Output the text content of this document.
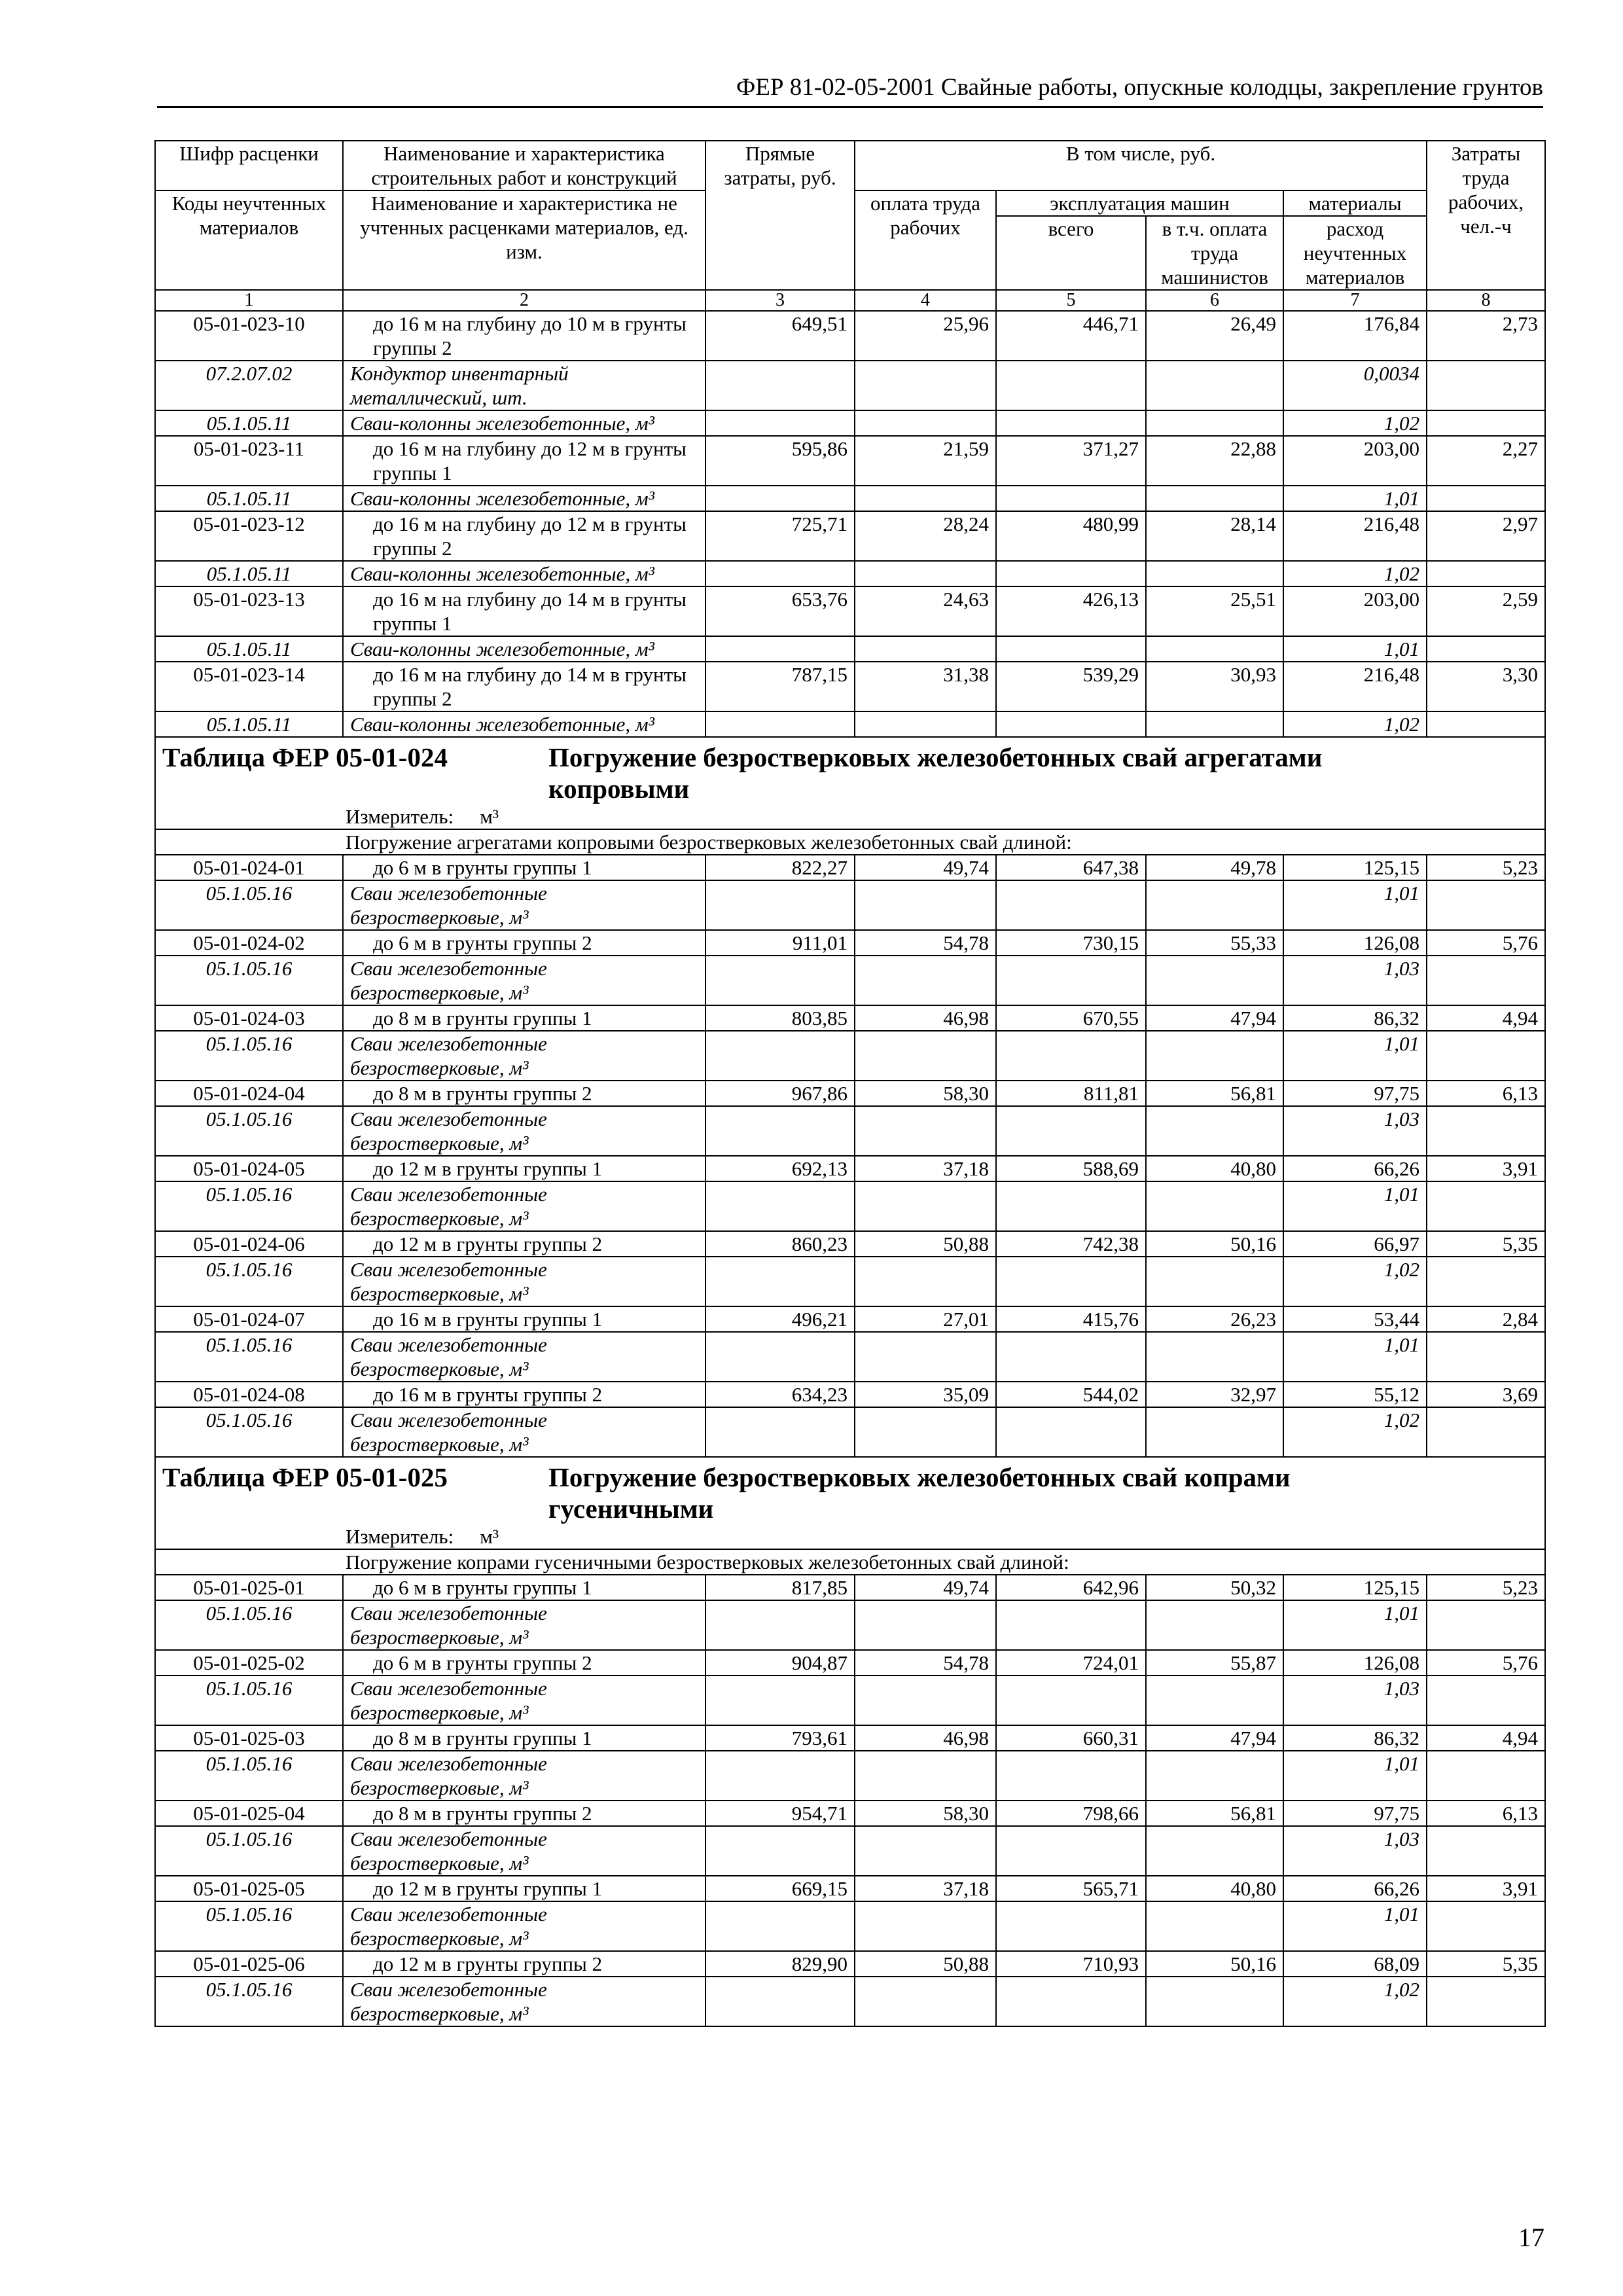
ФЕР 81-02-05-2001 Свайные работы, опускные колодцы, закрепление грунтов
Шифр расценки	Наименование и характеристика строительных работ и конструкций	Прямые затраты, руб.	В том числе, руб.				Затраты труда рабочих, чел.-ч
Коды неучтенных материалов	Наименование и характеристика не учтенных расценками материалов, ед. изм.						
			оплата труда рабочих	эксплуатация машин		материалы	
				всего	в т.ч. оплата труда машинистов	расход неучтенных материалов	
1	2	3	4	5	6	7	8
05-01-023-10	до 16 м на глубину до 10 м в грунты группы 2	649,51	25,96	446,71	26,49	176,84	2,73
07.2.07.02	Кондуктор инвентарный металлический, шт.					0,0034	
05.1.05.11	Сваи-колонны железобетонные, м³					1,02	
05-01-023-11	до 16 м на глубину до 12 м в грунты группы 1	595,86	21,59	371,27	22,88	203,00	2,27
05.1.05.11	Сваи-колонны железобетонные, м³					1,01	
05-01-023-12	до 16 м на глубину до 12 м в грунты группы 2	725,71	28,24	480,99	28,14	216,48	2,97
05.1.05.11	Сваи-колонны железобетонные, м³					1,02	
05-01-023-13	до 16 м на глубину до 14 м в грунты группы 1	653,76	24,63	426,13	25,51	203,00	2,59
05.1.05.11	Сваи-колонны железобетонные, м³					1,01	
05-01-023-14	до 16 м на глубину до 14 м в грунты группы 2	787,15	31,38	539,29	30,93	216,48	3,30
05.1.05.11	Сваи-колонны железобетонные, м³					1,02	
Таблица ФЕР 05-01-024 Погружение безростверковых железобетонных свай агрегатами копровыми							
Измеритель: м³							
Погружение агрегатами копровыми безростверковых железобетонных свай длиной:							
05-01-024-01	до 6 м в грунты группы 1	822,27	49,74	647,38	49,78	125,15	5,23
05.1.05.16	Сваи железобетонные безростверковые, м³					1,01	
05-01-024-02	до 6 м в грунты группы 2	911,01	54,78	730,15	55,33	126,08	5,76
05.1.05.16	Сваи железобетонные безростверковые, м³					1,03	
05-01-024-03	до 8 м в грунты группы 1	803,85	46,98	670,55	47,94	86,32	4,94
05.1.05.16	Сваи железобетонные безростверковые, м³					1,01	
05-01-024-04	до 8 м в грунты группы 2	967,86	58,30	811,81	56,81	97,75	6,13
05.1.05.16	Сваи железобетонные безростверковые, м³					1,03	
05-01-024-05	до 12 м в грунты группы 1	692,13	37,18	588,69	40,80	66,26	3,91
05.1.05.16	Сваи железобетонные безростверковые, м³					1,01	
05-01-024-06	до 12 м в грунты группы 2	860,23	50,88	742,38	50,16	66,97	5,35
05.1.05.16	Сваи железобетонные безростверковые, м³					1,02	
05-01-024-07	до 16 м в грунты группы 1	496,21	27,01	415,76	26,23	53,44	2,84
05.1.05.16	Сваи железобетонные безростверковые, м³					1,01	
05-01-024-08	до 16 м в грунты группы 2	634,23	35,09	544,02	32,97	55,12	3,69
05.1.05.16	Сваи железобетонные безростверковые, м³					1,02	
Таблица ФЕР 05-01-025 Погружение безростверковых железобетонных свай копрами гусеничными							
Измеритель: м³							
Погружение копрами гусеничными безростверковых железобетонных свай длиной:							
05-01-025-01	до 6 м в грунты группы 1	817,85	49,74	642,96	50,32	125,15	5,23
05.1.05.16	Сваи железобетонные безростверковые, м³					1,01	
05-01-025-02	до 6 м в грунты группы 2	904,87	54,78	724,01	55,87	126,08	5,76
05.1.05.16	Сваи железобетонные безростверковые, м³					1,03	
05-01-025-03	до 8 м в грунты группы 1	793,61	46,98	660,31	47,94	86,32	4,94
05.1.05.16	Сваи железобетонные безростверковые, м³					1,01	
05-01-025-04	до 8 м в грунты группы 2	954,71	58,30	798,66	56,81	97,75	6,13
05.1.05.16	Сваи железобетонные безростверковые, м³					1,03	
05-01-025-05	до 12 м в грунты группы 1	669,15	37,18	565,71	40,80	66,26	3,91
05.1.05.16	Сваи железобетонные безростверковые, м³					1,01	
05-01-025-06	до 12 м в грунты группы 2	829,90	50,88	710,93	50,16	68,09	5,35
05.1.05.16	Сваи железобетонные безростверковые, м³					1,02	
17
